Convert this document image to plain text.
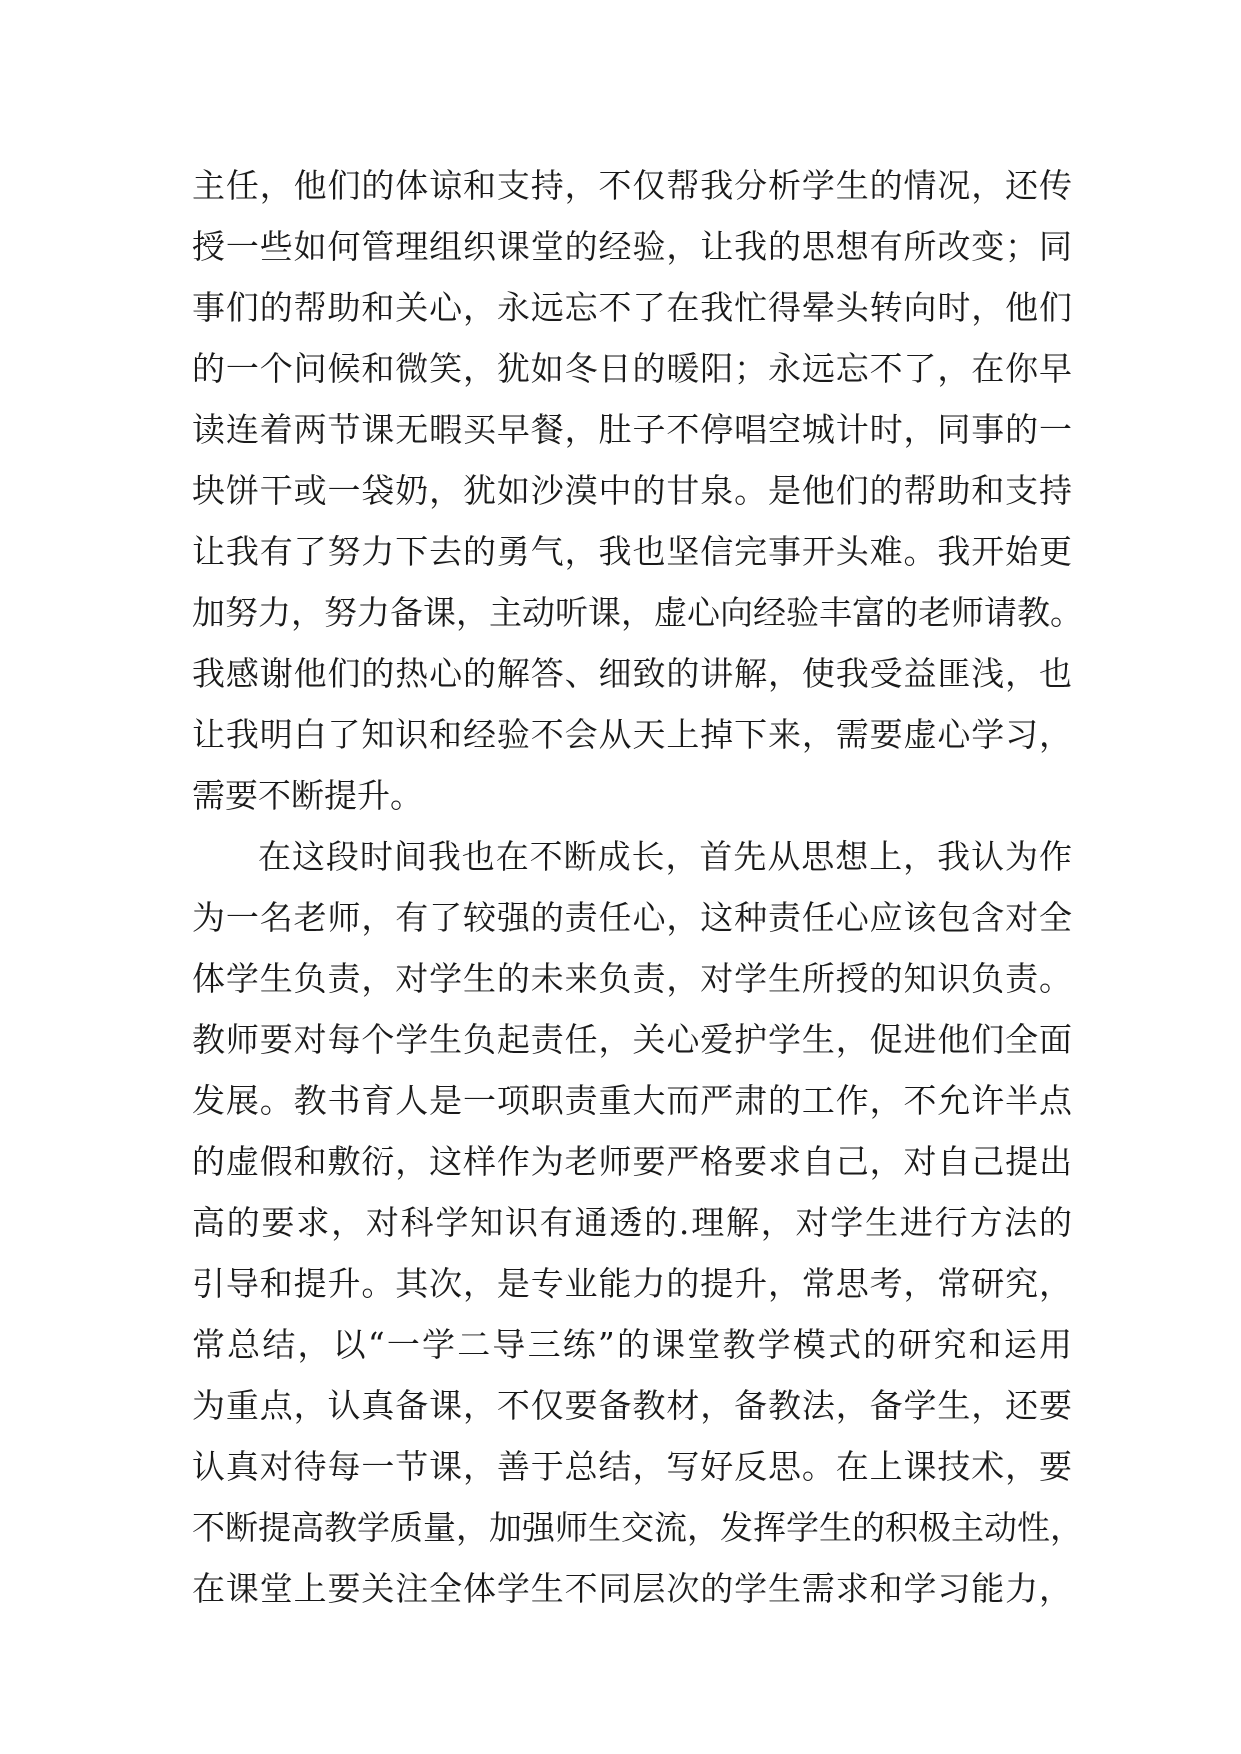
主任，他们的体谅和支持，不仅帮我分析学生的情况，还传
授一些如何管理组织课堂的经验，让我的思想有所改变；同
事们的帮助和关心，永远忘不了在我忙得晕头转向时，他们
的一个问候和微笑，犹如冬日的暖阳；永远忘不了，在你早
读连着两节课无暇买早餐，肚子不停唱空城计时，同事的一
块饼干或一袋奶，犹如沙漠中的甘泉。是他们的帮助和支持
让我有了努力下去的勇气，我也坚信完事开头难。我开始更
加努力，努力备课，主动听课，虚心向经验丰富的老师请教。
我感谢他们的热心的解答、细致的讲解，使我受益匪浅，也
让我明白了知识和经验不会从天上掉下来，需要虚心学习，
需要不断提升。
在这段时间我也在不断成长，首先从思想上，我认为作
为一名老师，有了较强的责任心，这种责任心应该包含对全
体学生负责，对学生的未来负责，对学生所授的知识负责。
教师要对每个学生负起责任，关心爱护学生，促进他们全面
发展。教书育人是一项职责重大而严肃的工作，不允许半点
的虚假和敷衍，这样作为老师要严格要求自己，对自己提出
高的要求，对科学知识有通透的.理解，对学生进行方法的
引导和提升。其次，是专业能力的提升，常思考，常研究，
常总结，以“一学二导三练”的课堂教学模式的研究和运用
为重点，认真备课，不仅要备教材，备教法，备学生，还要
认真对待每一节课，善于总结，写好反思。在上课技术，要
不断提高教学质量，加强师生交流，发挥学生的积极主动性，
在课堂上要关注全体学生不同层次的学生需求和学习能力，
